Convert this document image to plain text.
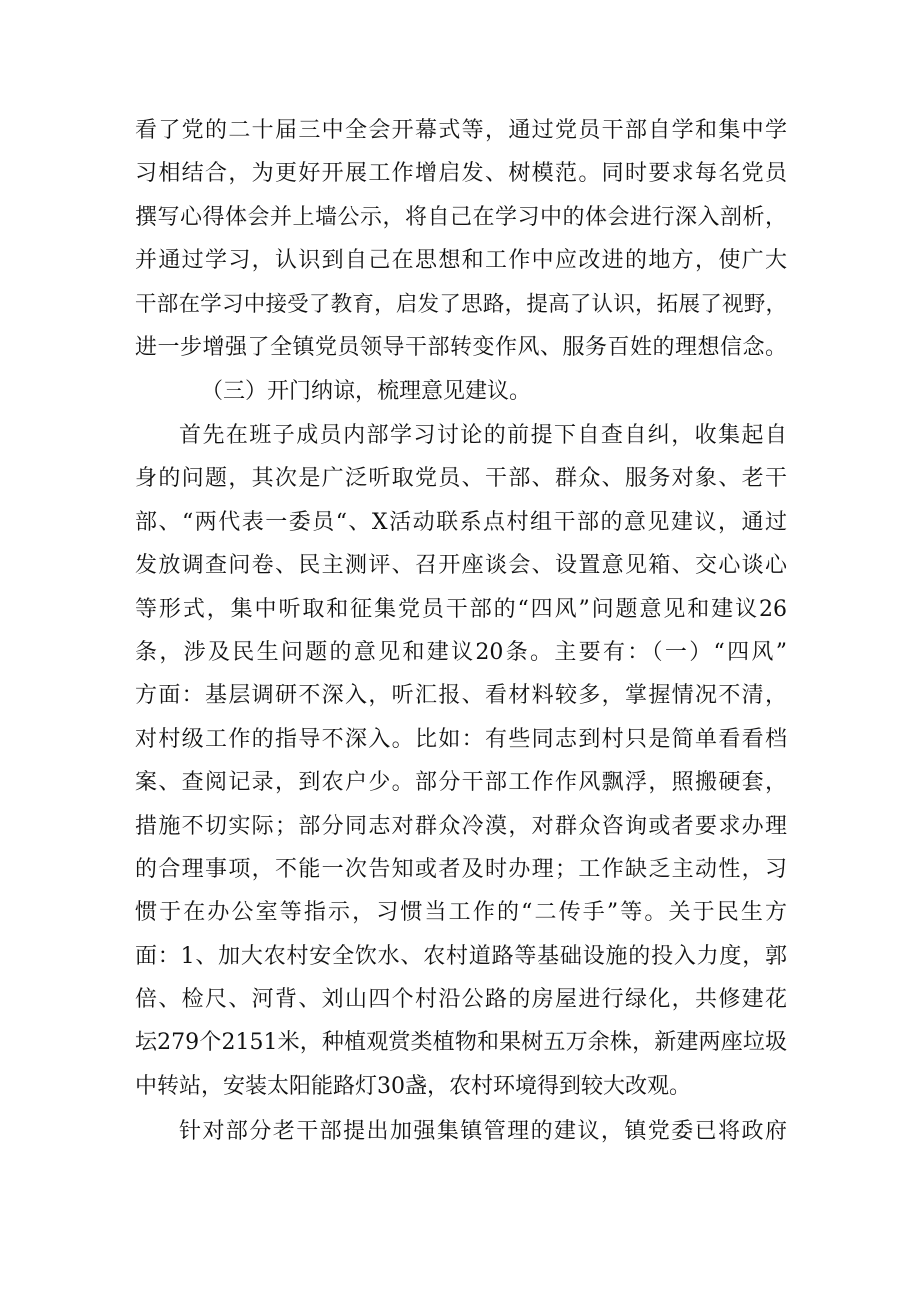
看了党的二十届三中全会开幕式等，通过党员干部自学和集中学
习相结合，为更好开展工作增启发、树模范。同时要求每名党员
撰写心得体会并上墙公示，将自己在学习中的体会进行深入剖析，
并通过学习，认识到自己在思想和工作中应改进的地方，使广大
干部在学习中接受了教育，启发了思路，提高了认识，拓展了视野，
进一步增强了全镇党员领导干部转变作风、服务百姓的理想信念。
（三）开门纳谅，梳理意见建议。
首先在班子成员内部学习讨论的前提下自查自纠，收集起自
身的问题，其次是广泛听取党员、干部、群众、服务对象、老干
部、“两代表一委员“、X活动联系点村组干部的意见建议，通过
发放调查问卷、民主测评、召开座谈会、设置意见箱、交心谈心
等形式，集中听取和征集党员干部的“四风”问题意见和建议26
条，涉及民生问题的意见和建议20条。主要有：（一）“四风”
方面：基层调研不深入，听汇报、看材料较多，掌握情况不清，
对村级工作的指导不深入。比如：有些同志到村只是简单看看档
案、查阅记录，到农户少。部分干部工作作风飘浮，照搬硬套，
措施不切实际；部分同志对群众冷漠，对群众咨询或者要求办理
的合理事项，不能一次告知或者及时办理；工作缺乏主动性，习
惯于在办公室等指示，习惯当工作的“二传手”等。关于民生方
面：1、加大农村安全饮水、农村道路等基础设施的投入力度，郭
倍、检尺、河背、刘山四个村沿公路的房屋进行绿化，共修建花
坛279个2151米，种植观赏类植物和果树五万余株，新建两座垃圾
中转站，安装太阳能路灯30盏，农村环境得到较大改观。
针对部分老干部提出加强集镇管理的建议，镇党委已将政府
